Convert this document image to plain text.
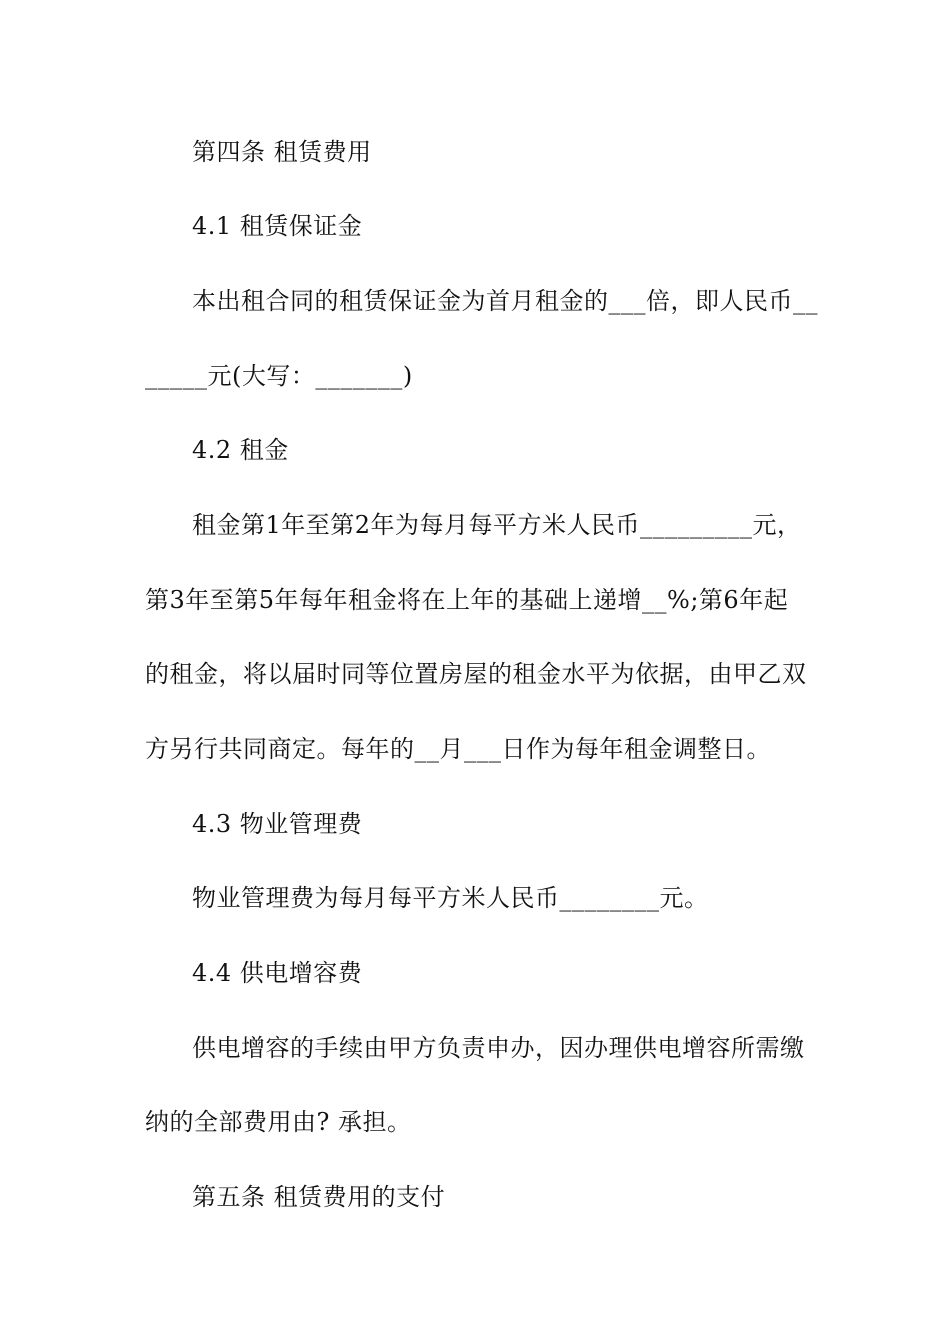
第四条 租赁费用
4.1 租赁保证金
本出租合同的租赁保证金为首月租金的___倍，即人民币__
_____元(大写：_______)
4.2 租金
租金第1年至第2年为每月每平方米人民币_________元，
第3年至第5年每年租金将在上年的基础上递增__%;第6年起
的租金，将以届时同等位置房屋的租金水平为依据，由甲乙双
方另行共同商定。每年的__月___日作为每年租金调整日。
4.3 物业管理费
物业管理费为每月每平方米人民币________元。
4.4 供电增容费
供电增容的手续由甲方负责申办，因办理供电增容所需缴
纳的全部费用由? 承担。
第五条 租赁费用的支付
